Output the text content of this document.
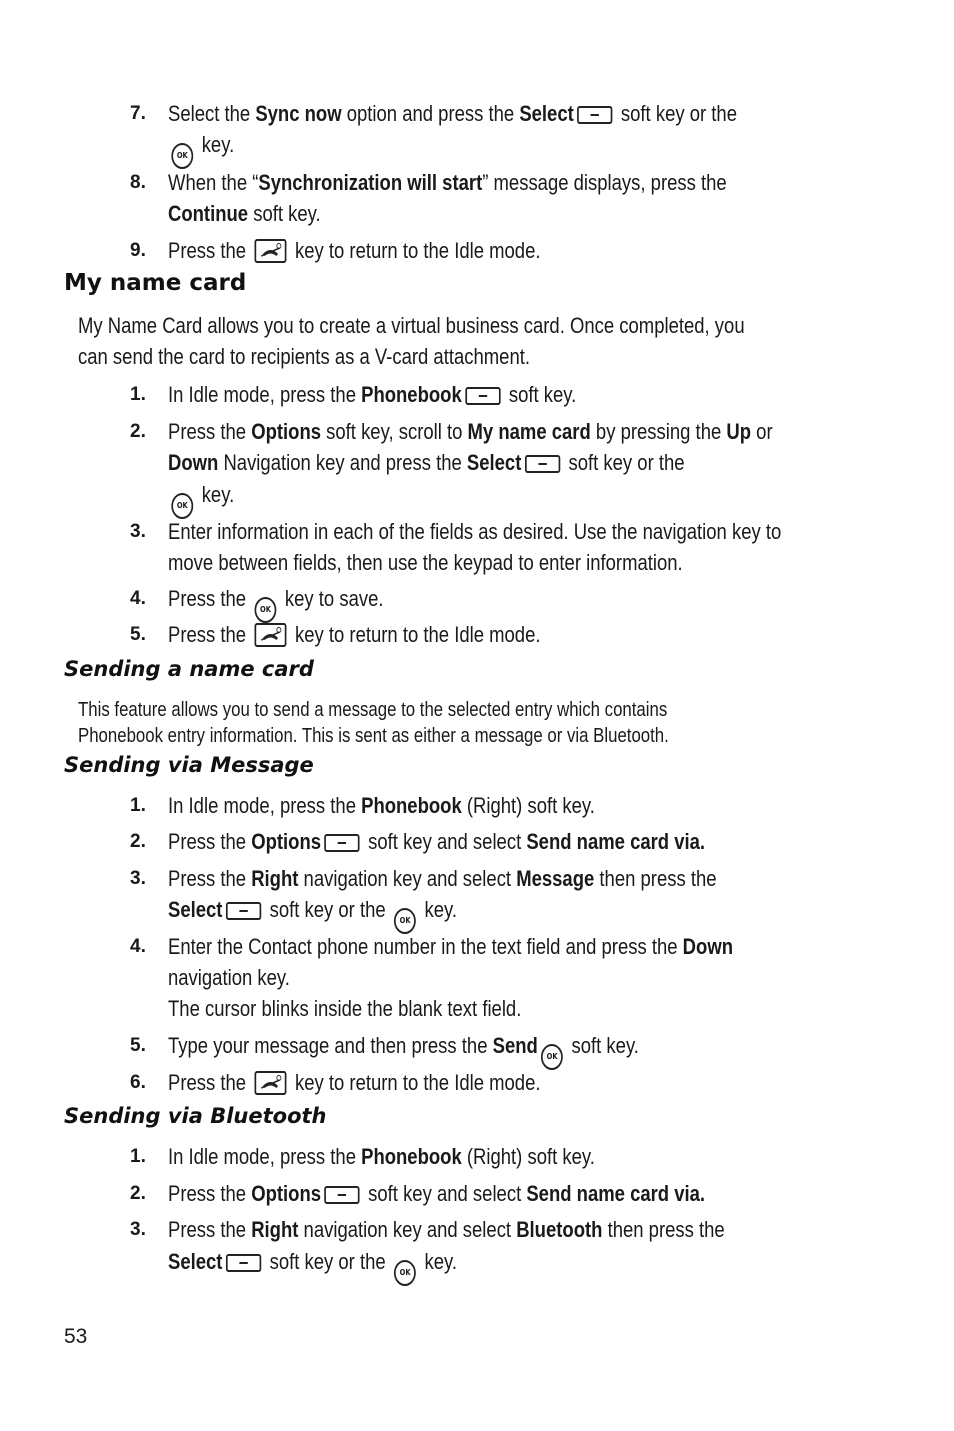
7. Select the Sync now option and press the Select soft key or the
OK key.
8. When the “Synchronization will start” message displays, press the
Continue soft key.
9. Press the
key to return to the Idle mode.
My name card
My Name Card allows you to create a virtual business card. Once completed, you
can send the card to recipients as a V-card attachment.
1. In Idle mode, press the Phonebook soft key.
2. Press the Options soft key, scroll to My name card by pressing the Up or
Down Navigation key and press the Select soft key or the
OK key.
3. Enter information in each of the fields as desired. Use the navigation key to
move between fields, then use the keypad to enter information.
4. Press the OK key to save.
5. Press the
key to return to the Idle mode.
Sending a name card
This feature allows you to send a message to the selected entry which contains
Phonebook entry information. This is sent as either a message or via Bluetooth.
Sending via Message
1. In Idle mode, press the Phonebook (Right) soft key.
2. Press the Options soft key and select Send name card via.
3. Press the Right navigation key and select Message then press the
Select soft key or the OK key.
4. Enter the Contact phone number in the text field and press the Down
navigation key.
The cursor blinks inside the blank text field.
5. Type your message and then press the Send OK soft key.
6. Press the
key to return to the Idle mode.
Sending via Bluetooth
1. In Idle mode, press the Phonebook (Right) soft key.
2. Press the Options soft key and select Send name card via.
3. Press the Right navigation key and select Bluetooth then press the
Select soft key or the OK key.
53
